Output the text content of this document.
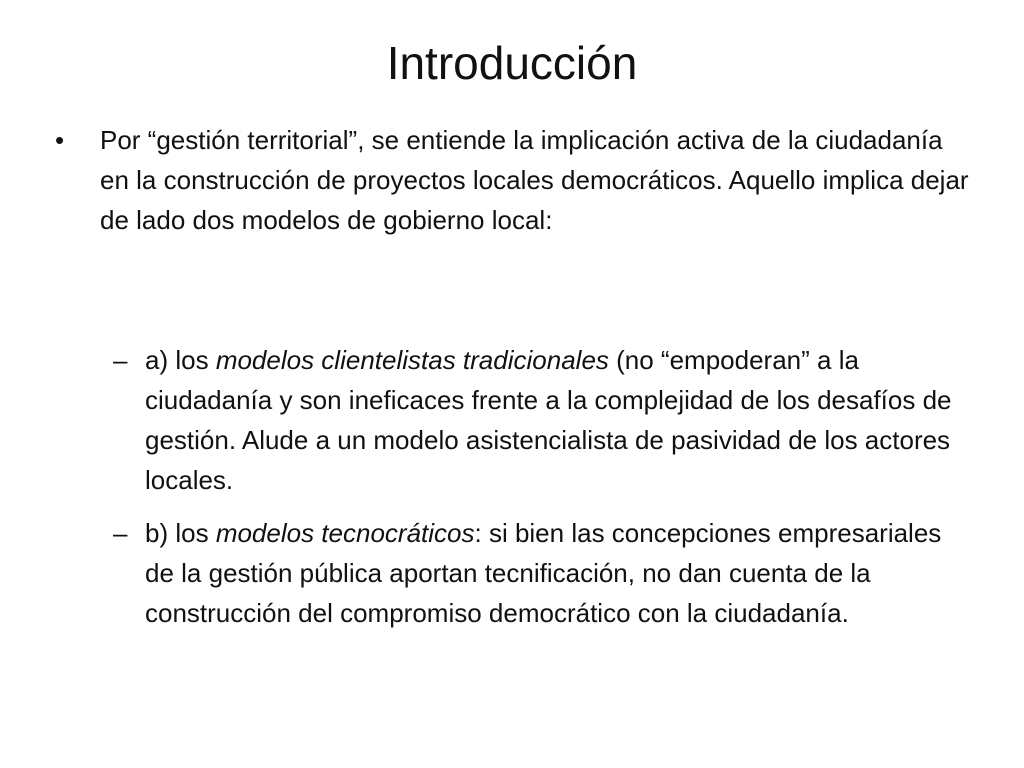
Introducción
•	Por “gestión territorial”, se entiende la implicación activa de la ciudadanía en la construcción de proyectos locales democráticos. Aquello implica dejar de lado dos modelos de gobierno local:
– a) los modelos clientelistas tradicionales (no “empoderan” a la ciudadanía y son ineficaces frente a la complejidad de los desafíos de gestión. Alude a un modelo asistencialista de pasividad de los actores locales.
– b) los modelos tecnocráticos: si bien las concepciones empresariales de la gestión pública aportan tecnificación, no dan cuenta de la construcción del compromiso democrático con la ciudadanía.
